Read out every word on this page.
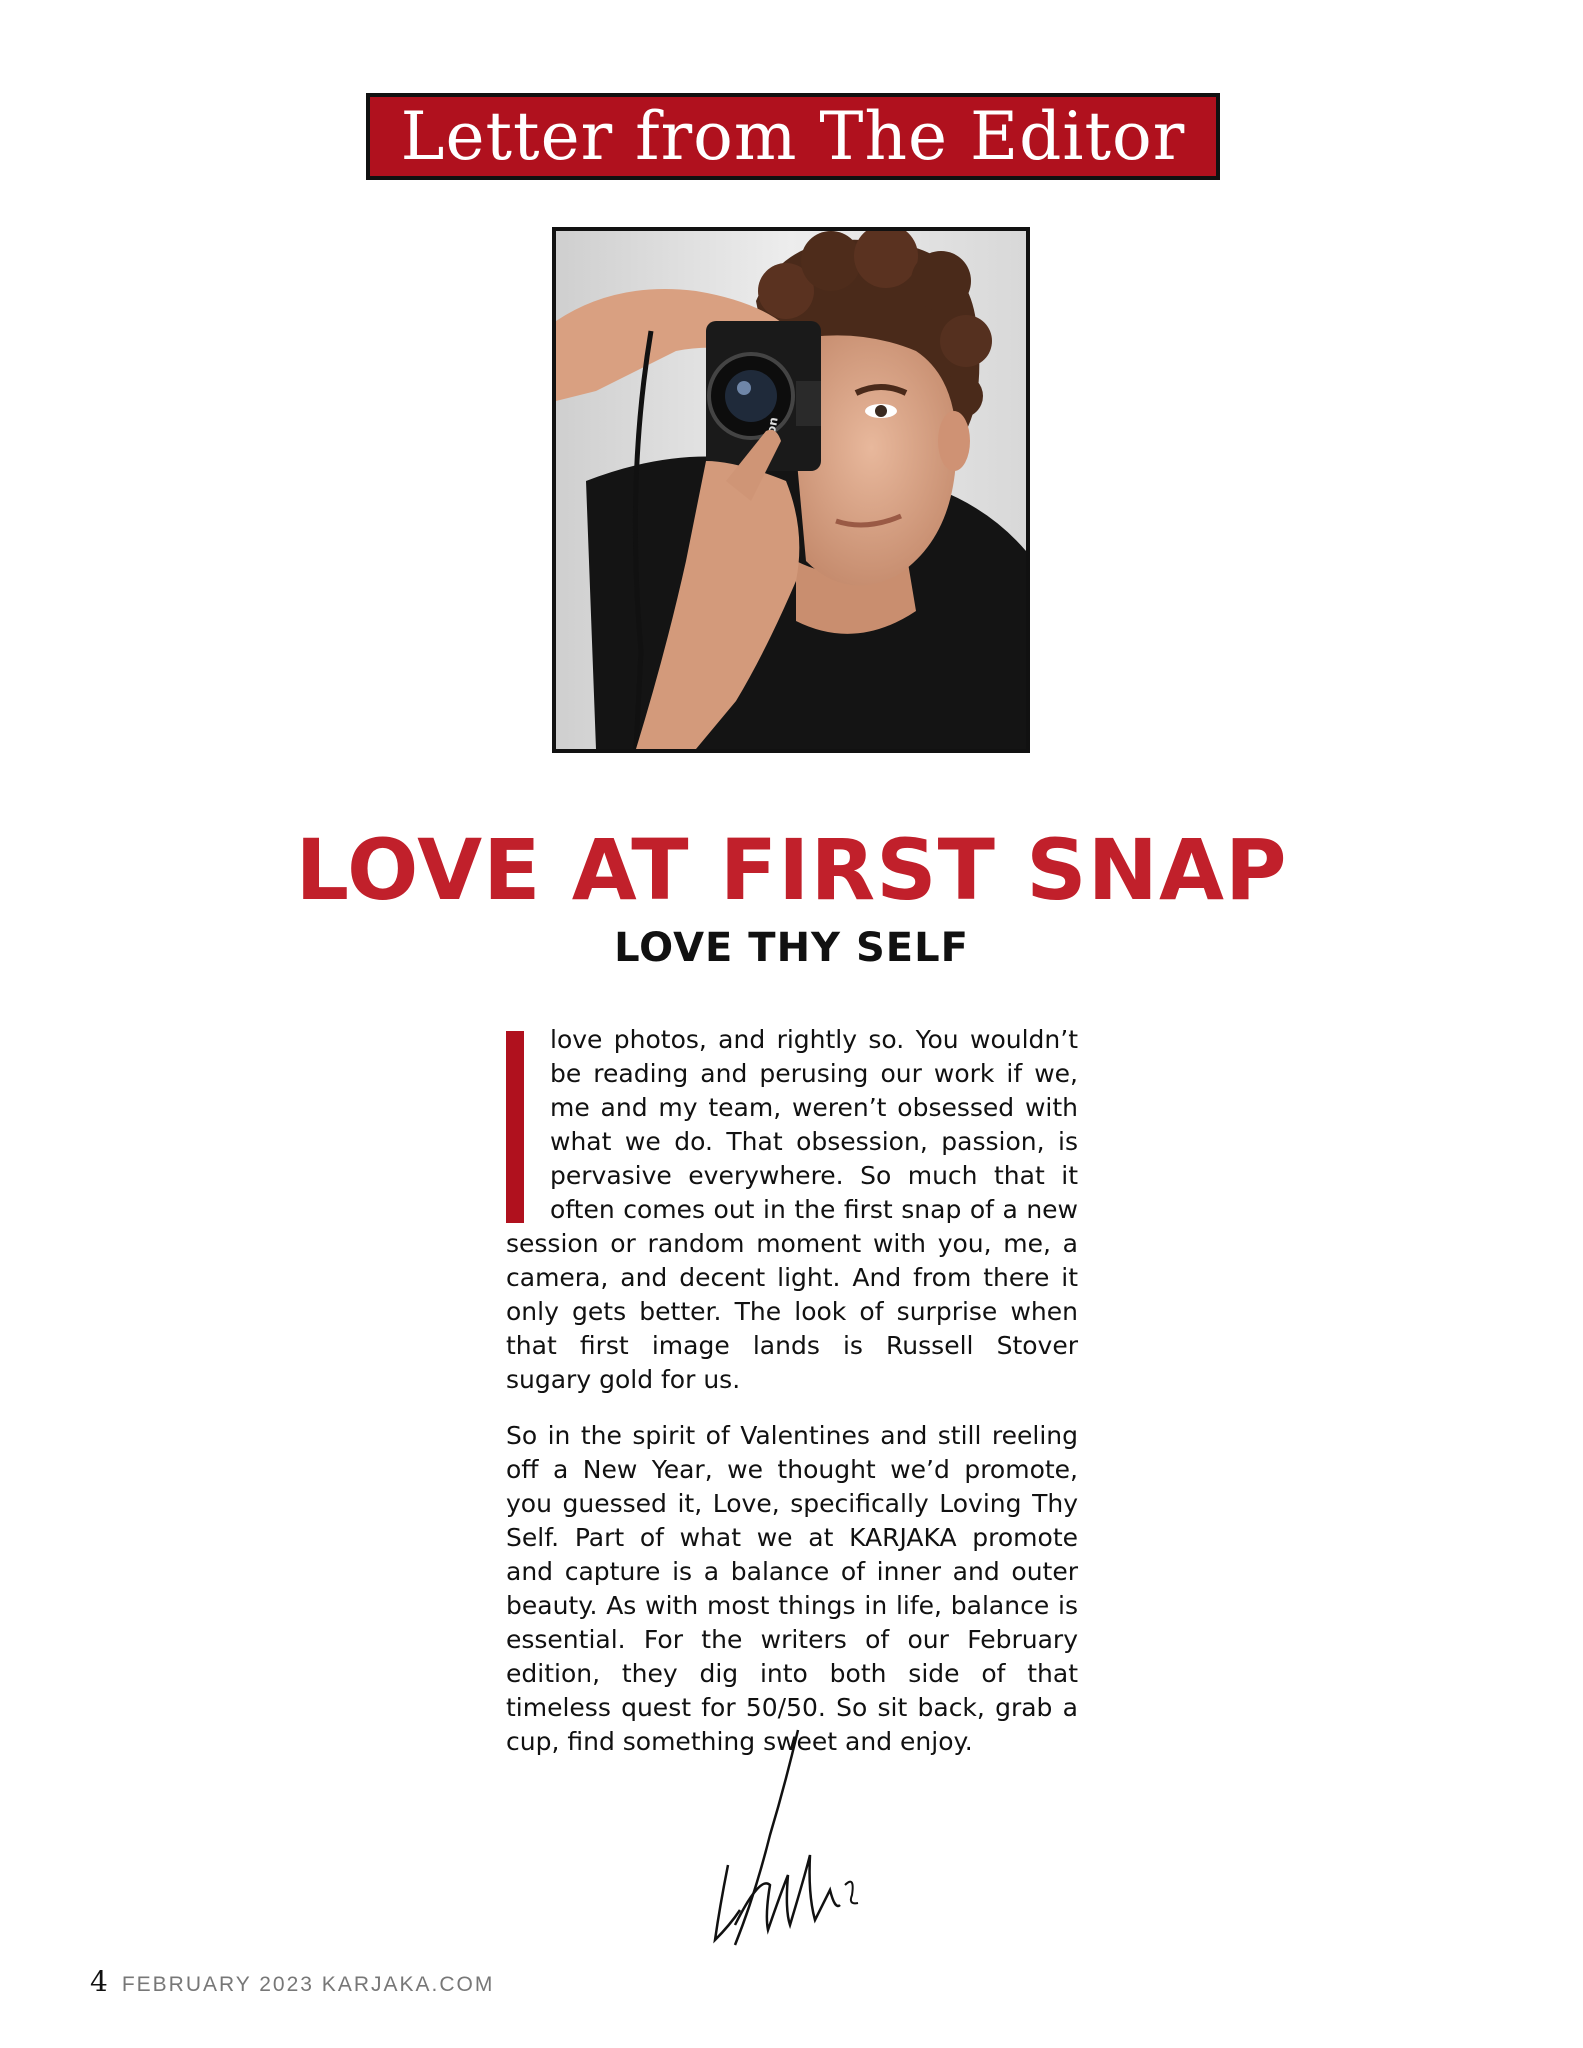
Letter from The Editor
LOVE AT FIRST SNAP
LOVE THY SELF

love photos, and rightly so. You wouldn’t be reading and perusing our work if we, me and my team, weren’t obsessed with what we do. That obsession, passion, is pervasive everywhere. So much that it often comes out in the first snap of a new session or random moment with you, me, a camera, and decent light. And from there it only gets better. The look of surprise when that first image lands is Russell Stover sugary gold for us.

So in the spirit of Valentines and still reeling off a New Year, we thought we’d promote, you guessed it, Love, specifically Loving Thy Self. Part of what we at KARJAKA promote and capture is a balance of inner and outer beauty. As with most things in life, balance is essential. For the writers of our February edition, they dig into both side of that timeless quest for 50/50. So sit back, grab a cup, find something sweet and enjoy.

4 FEBRUARY 2023 KARJAKA.COM
